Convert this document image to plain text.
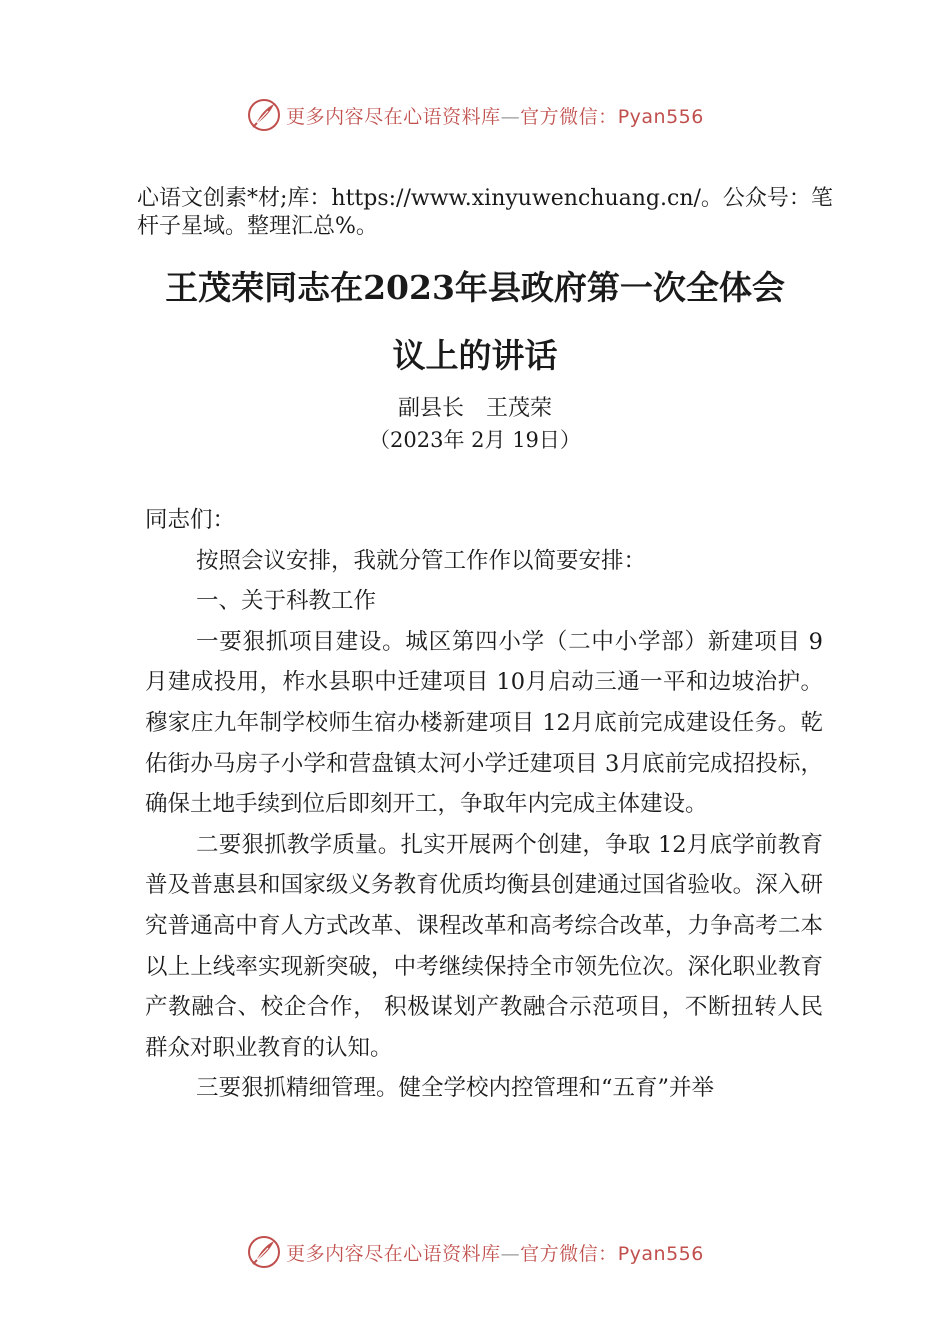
更多内容尽在心语资料库—官方微信：Pyan556
心语文创素*材;库：https://www.xinyuwenchuang.cn/。公众号：笔杆子星域。整理汇总%。
王茂荣同志在2023年县政府第一次全体会
议上的讲话
副县长　王茂荣
（2023年 2月 19日）

同志们：

按照会议安排，我就分管工作作以简要安排：

一、关于科教工作

一要狠抓项目建设。城区第四小学（二中小学部）新建项目 9月建成投用，柞水县职中迁建项目 10月启动三通一平和边坡治护。穆家庄九年制学校师生宿办楼新建项目 12月底前完成建设任务。乾佑街办马房子小学和营盘镇太河小学迁建项目 3月底前完成招投标，确保土地手续到位后即刻开工，争取年内完成主体建设。

二要狠抓教学质量。扎实开展两个创建，争取 12月底学前教育普及普惠县和国家级义务教育优质均衡县创建通过国省验收。深入研究普通高中育人方式改革、课程改革和高考综合改革，力争高考二本以上上线率实现新突破，中考继续保持全市领先位次。深化职业教育产教融合、校企合作， 积极谋划产教融合示范项目，不断扭转人民群众对职业教育的认知。

三要狠抓精细管理。健全学校内控管理和“五育”并举

更多内容尽在心语资料库—官方微信：Pyan556
